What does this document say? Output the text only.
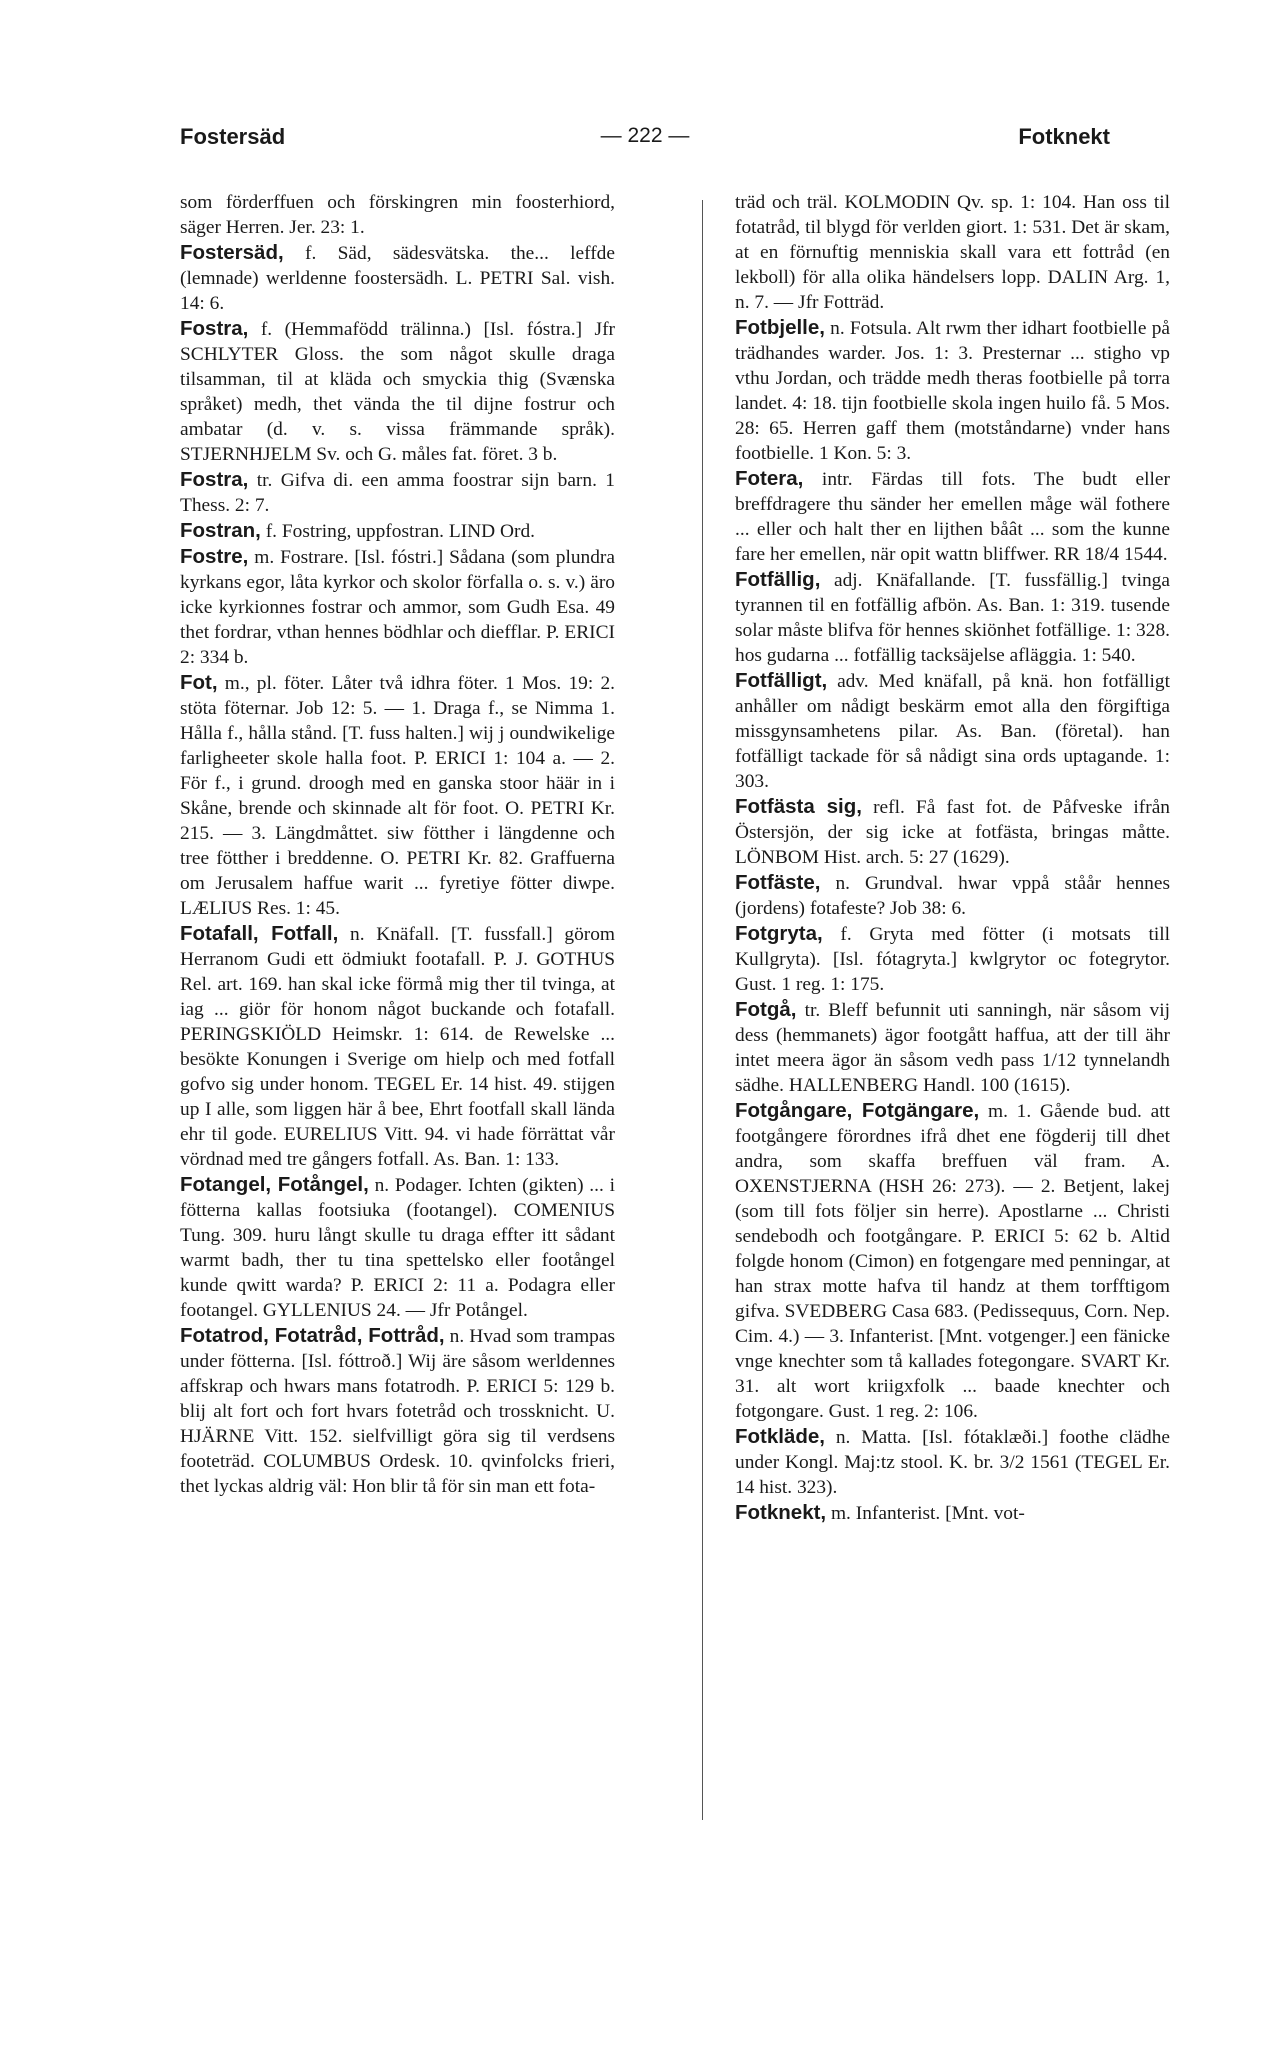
Fostersäd	— 222 —	Fotknekt

som förderffuen och förskingren min foosterhiord, säger Herren. Jer. 23: 1.

Fostersäd, f. Säd, sädesvätska. the... leffde (lemnade) werldenne foostersädh. L. PETRI Sal. vish. 14: 6.

Fostra, f. (Hemmafödd trälinna.) [Isl. fóstra.] Jfr SCHLYTER Gloss. the som något skulle draga tilsamman, til at kläda och smyckia thig (Svænska språket) medh, thet vända the til dijne fostrur och ambatar (d. v. s. vissa främmande språk). STJERNHJELM Sv. och G. måles fat. föret. 3 b.

Fostra, tr. Gifva di. een amma foostrar sijn barn. 1 Thess. 2: 7.

Fostran, f. Fostring, uppfostran. LIND Ord.

Fostre, m. Fostrare. [Isl. fóstri.] Sådana (som plundra kyrkans egor, låta kyrkor och skolor förfalla o. s. v.) äro icke kyrkionnes fostrar och ammor, som Gudh Esa. 49 thet fordrar, vthan hennes bödhlar och diefflar. P. ERICI 2: 334 b.

Fot, m., pl. föter. Låter två idhra föter. 1 Mos. 19: 2. stöta föternar. Job 12: 5. — 1. Draga f., se Nimma 1. Hålla f., hålla stånd. [T. fuss halten.] wij j oundwikelige farligheeter skole halla foot. P. ERICI 1: 104 a. — 2. För f., i grund. droogh med en ganska stoor häär in i Skåne, brende och skinnade alt för foot. O. PETRI Kr. 215. — 3. Längdmåttet. siw fötther i längdenne och tree fötther i breddenne. O. PETRI Kr. 82. Graffuerna om Jerusalem haffue warit ... fyretiye fötter diwpe. LÆLIUS Res. 1: 45.

Fotafall, Fotfall, n. Knäfall. [T. fussfall.] görom Herranom Gudi ett ödmiukt footafall. P. J. GOTHUS Rel. art. 169. han skal icke förmå mig ther til tvinga, at iag ... giör för honom något buckande och fotafall. PERINGSKIÖLD Heimskr. 1: 614. de Rewelske ... besökte Konungen i Sverige om hielp och med fotfall gofvo sig under honom. TEGEL Er. 14 hist. 49. stijgen up I alle, som liggen här å bee, Ehrt footfall skall lända ehr til gode. EURELIUS Vitt. 94. vi hade förrättat vår vördnad med tre gångers fotfall. As. Ban. 1: 133.

Fotangel, Fotångel, n. Podager. Ichten (gikten) ... i fötterna kallas footsiuka (footangel). COMENIUS Tung. 309. huru långt skulle tu draga effter itt sådant warmt badh, ther tu tina spettelsko eller footångel kunde qwitt warda? P. ERICI 2: 11 a. Podagra eller footangel. GYLLENIUS 24. — Jfr Potångel.

Fotatrod, Fotatråd, Fottråd, n. Hvad som trampas under fötterna. [Isl. fóttroð.] Wij äre såsom werldennes affskrap och hwars mans fotatrodh. P. ERICI 5: 129 b. blij alt fort och fort hvars fotetråd och trossknicht. U. HJÄRNE Vitt. 152. sielfvilligt göra sig til verdsens footeträd. COLUMBUS Ordesk. 10. qvinfolcks frieri, thet lyckas aldrig väl: Hon blir tå för sin man ett fota-

träd och träl. KOLMODIN Qv. sp. 1: 104. Han oss til fotatråd, til blygd för verlden giort. 1: 531. Det är skam, at en förnuftig menniskia skall vara ett fottråd (en lekboll) för alla olika händelsers lopp. DALIN Arg. 1, n. 7. — Jfr Fotträd.

Fotbjelle, n. Fotsula. Alt rwm ther idhart footbielle på trädhandes warder. Jos. 1: 3. Presternar ... stigho vp vthu Jordan, och trädde medh theras footbielle på torra landet. 4: 18. tijn footbielle skola ingen huilo få. 5 Mos. 28: 65. Herren gaff them (motståndarne) vnder hans footbielle. 1 Kon. 5: 3.

Fotera, intr. Färdas till fots. The budt eller breffdragere thu sänder her emellen måge wäl fothere ... eller och halt ther en lijthen båât ... som the kunne fare her emellen, när opit wattn bliffwer. RR 18/4 1544.

Fotfällig, adj. Knäfallande. [T. fussfällig.] tvinga tyrannen til en fotfällig afbön. As. Ban. 1: 319. tusende solar måste blifva för hennes skiönhet fotfällige. 1: 328. hos gudarna ... fotfällig tacksäjelse afläggia. 1: 540.

Fotfälligt, adv. Med knäfall, på knä. hon fotfälligt anhåller om nådigt beskärm emot alla den förgiftiga missgynsamhetens pilar. As. Ban. (företal). han fotfälligt tackade för så nådigt sina ords uptagande. 1: 303.

Fotfästa sig, refl. Få fast fot. de Påfveske ifrån Östersjön, der sig icke at fotfästa, bringas måtte. LÖNBOM Hist. arch. 5: 27 (1629).

Fotfäste, n. Grundval. hwar vppå ståår hennes (jordens) fotafeste? Job 38: 6.

Fotgryta, f. Gryta med fötter (i motsats till Kullgryta). [Isl. fótagryta.] kwlgrytor oc fotegrytor. Gust. 1 reg. 1: 175.

Fotgå, tr. Bleff befunnit uti sanningh, när såsom vij dess (hemmanets) ägor footgått haffua, att der till ähr intet meera ägor än såsom vedh pass 1/12 tynnelandh sädhe. HALLENBERG Handl. 100 (1615).

Fotgångare, Fotgängare, m. 1. Gående bud. att footgångere förordnes ifrå dhet ene fögderij till dhet andra, som skaffa breffuen väl fram. A. OXENSTJERNA (HSH 26: 273). — 2. Betjent, lakej (som till fots följer sin herre). Apostlarne ... Christi sendebodh och footgångare. P. ERICI 5: 62 b. Altid folgde honom (Cimon) en fotgengare med penningar, at han strax motte hafva til handz at them torfftigom gifva. SVEDBERG Casa 683. (Pedissequus, Corn. Nep. Cim. 4.) — 3. Infanterist. [Mnt. votgenger.] een fänicke vnge knechter som tå kallades fotegongare. SVART Kr. 31. alt wort kriigxfolk ... baade knechter och fotgongare. Gust. 1 reg. 2: 106.

Fotkläde, n. Matta. [Isl. fótaklæði.] foothe clädhe under Kongl. Maj:tz stool. K. br. 3/2 1561 (TEGEL Er. 14 hist. 323).

Fotknekt, m. Infanterist. [Mnt. vot-
